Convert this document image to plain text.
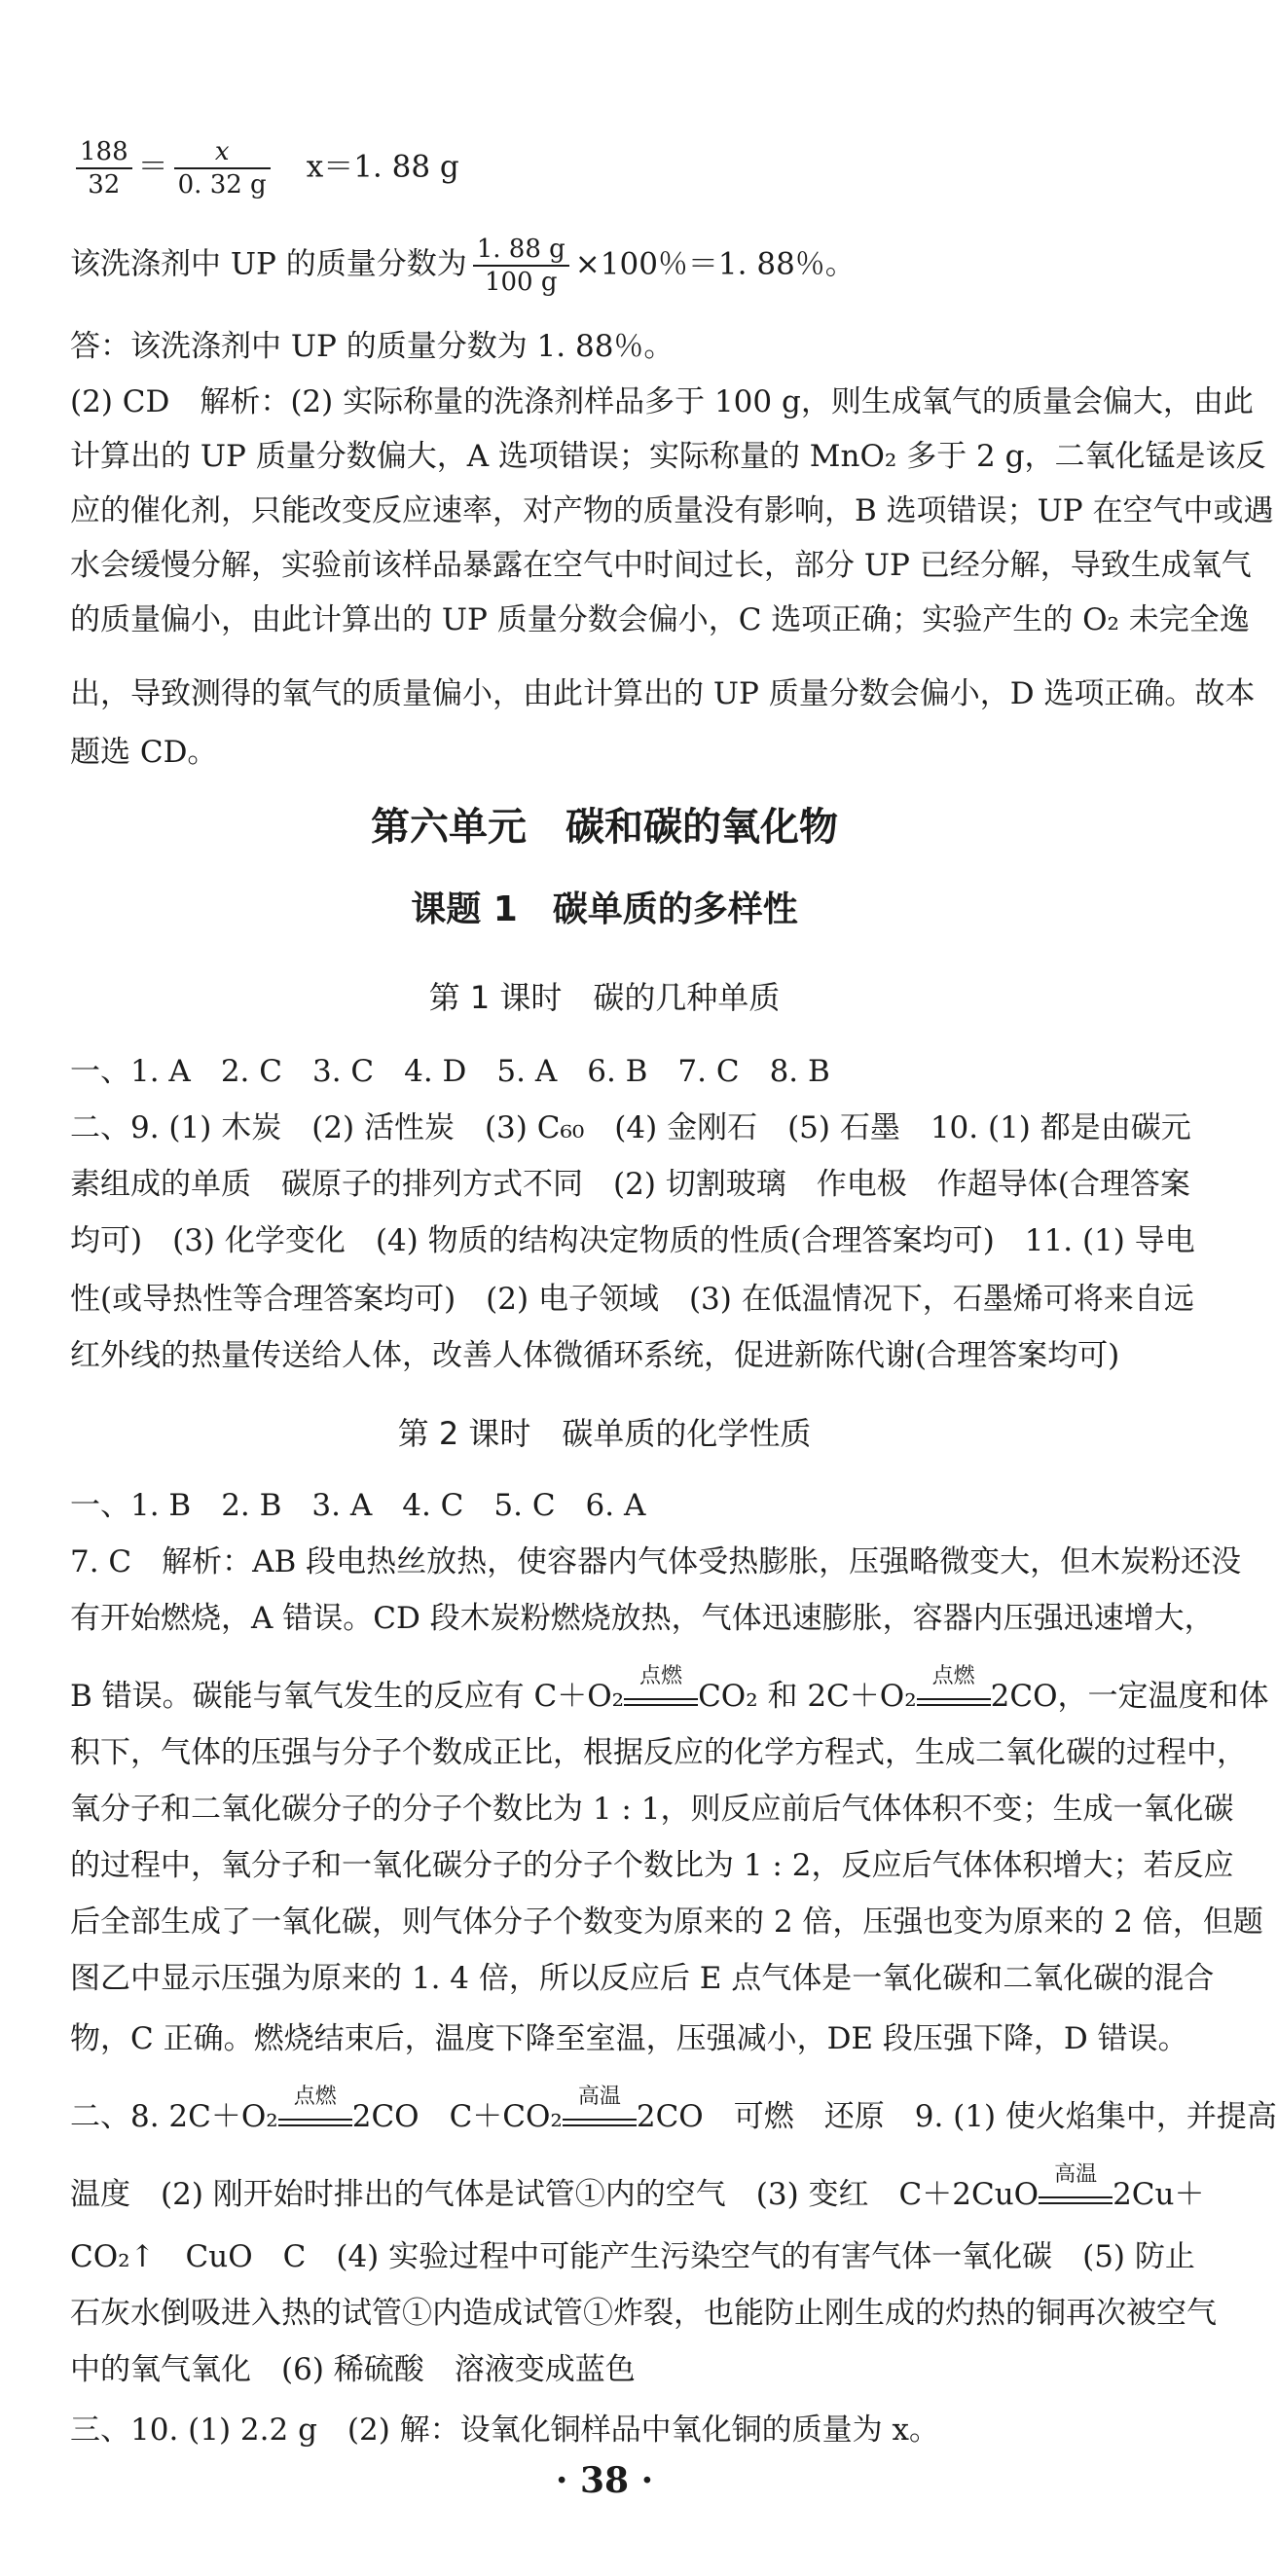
$\frac{188}{32} = \frac{x}{0. 32 g}$
　 x＝1. 88 g
该洗涤剂中 UP 的质量分数为 $\frac{1. 88 g}{100 g} \times 100$％＝1. 88％。
答：该洗涤剂中 UP 的质量分数为 1. 88％。
(2) CD　解析：(2) 实际称量的洗涤剂样品多于 100 g，则生成氧气的质量会偏大，由此
计算出的 UP 质量分数偏大，A 选项错误；实际称量的 MnO₂ 多于 2 g，二氧化锰是该反
应的催化剂，只能改变反应速率，对产物的质量没有影响，B 选项错误；UP 在空气中或遇
水会缓慢分解，实验前该样品暴露在空气中时间过长，部分 UP 已经分解，导致生成氧气
的质量偏小，由此计算出的 UP 质量分数会偏小，C 选项正确；实验产生的 O₂ 未完全逸
出，导致测得的氧气的质量偏小，由此计算出的 UP 质量分数会偏小，D 选项正确。故本
题选 CD。
第六单元　碳和碳的氧化物
课题 1　碳单质的多样性
第 1 课时　碳的几种单质
一、1. A　2. C　3. C　4. D　5. A　6. B　7. C　8. B
二、9. (1) 木炭　(2) 活性炭　(3) C₆₀　(4) 金刚石　(5) 石墨　10. (1) 都是由碳元
素组成的单质　碳原子的排列方式不同　(2) 切割玻璃　作电极　作超导体(合理答案
均可)　(3) 化学变化　(4) 物质的结构决定物质的性质(合理答案均可)　11. (1) 导电
性(或导热性等合理答案均可)　(2) 电子领域　(3) 在低温情况下，石墨烯可将来自远
红外线的热量传送给人体，改善人体微循环系统，促进新陈代谢(合理答案均可)
第 2 课时　碳单质的化学性质
一、1. B　2. B　3. A　4. C　5. C　6. A
7. C　解析：AB 段电热丝放热，使容器内气体受热膨胀，压强略微变大，但木炭粉还没
有开始燃烧，A 错误。CD 段木炭粉燃烧放热，气体迅速膨胀，容器内压强迅速增大，
B 错误。碳能与氧气发生的反应有 C＋O₂
点燃
CO₂ 和 2C＋O₂
点燃
2CO，一定温度和体
积下，气体的压强与分子个数成正比，根据反应的化学方程式，生成二氧化碳的过程中，
氧分子和二氧化碳分子的分子个数比为 1 : 1，则反应前后气体体积不变；生成一氧化碳
的过程中，氧分子和一氧化碳分子的分子个数比为 1 : 2，反应后气体体积增大；若反应
后全部生成了一氧化碳，则气体分子个数变为原来的 2 倍，压强也变为原来的 2 倍，但题
图乙中显示压强为原来的 1. 4 倍，所以反应后 E 点气体是一氧化碳和二氧化碳的混合
物，C 正确。燃烧结束后，温度下降至室温，压强减小，DE 段压强下降，D 错误。
二、8. 2C＋O₂
点燃
2CO　C＋CO₂
高温
2CO　可燃　还原　9. (1) 使火焰集中，并提高
温度　(2) 刚开始时排出的气体是试管①内的空气　(3) 变红　C＋2CuO
高温
2Cu＋
CO₂↑　CuO　C　(4) 实验过程中可能产生污染空气的有害气体一氧化碳　(5) 防止
石灰水倒吸进入热的试管①内造成试管①炸裂，也能防止刚生成的灼热的铜再次被空气
中的氧气氧化　(6) 稀硫酸　溶液变成蓝色
三、10. (1) 2.2 g　(2) 解：设氧化铜样品中氧化铜的质量为 x。
· 38 ·
